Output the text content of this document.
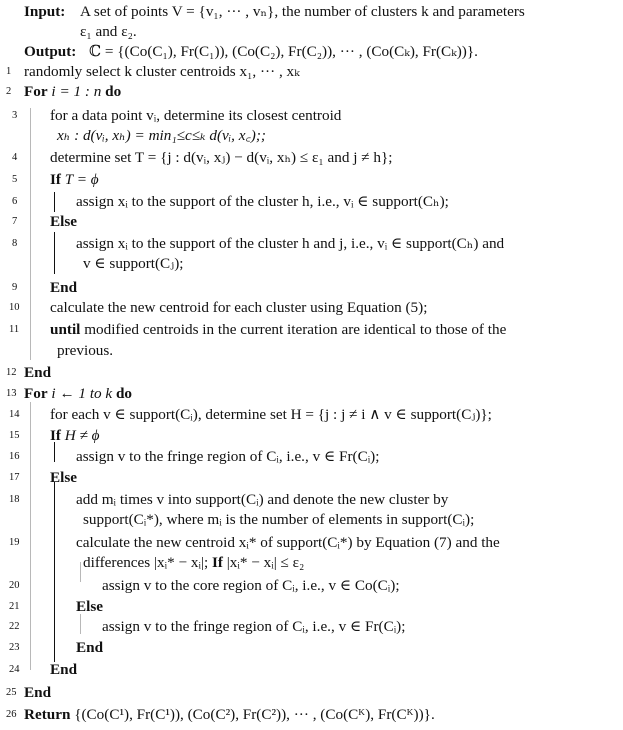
Input: A set of points V = {v₁, ··· , vₙ}, the number of clusters k and parameters
ε₁ and ε₂.
Output: ℂ = {(Co(C₁), Fr(C₁)), (Co(C₂), Fr(C₂)), ··· , (Co(Cₖ), Fr(Cₖ))}.
1 randomly select k cluster centroids x₁, ··· , xₖ
2 For i = 1 : n do
3 for a data point vᵢ, determine its closest centroid
xₕ : d(vᵢ, xₕ) = min₁≤c≤ₖ d(vᵢ, x꜀);;
4 determine set T = {j : d(vᵢ, xⱼ) − d(vᵢ, xₕ) ≤ ε₁ and j ≠ h};
5 If T = ϕ
6	assign xᵢ to the support of the cluster h, i.e., vᵢ ∈ support(Cₕ);
7 Else
8	assign xᵢ to the support of the cluster h and j, i.e., vᵢ ∈ support(Cₕ) and
v ∈ support(Cⱼ);
9 End
10 calculate the new centroid for each cluster using Equation (5);
11 until modified centroids in the current iteration are identical to those of the
previous.
12 End
13 For i ← 1 to k do
14 for each v ∈ support(Cᵢ), determine set H = {j : j ≠ i ∧ v ∈ support(Cⱼ)};
15 If H ≠ ϕ
16	assign v to the fringe region of Cᵢ, i.e., v ∈ Fr(Cᵢ);
17 Else
18	add mᵢ times v into support(Cᵢ) and denote the new cluster by
support(Cᵢ*), where mᵢ is the number of elements in support(Cᵢ);
19	calculate the new centroid xᵢ* of support(Cᵢ*) by Equation (7) and the
differences |xᵢ* − xᵢ|; If |xᵢ* − xᵢ| ≤ ε₂
20	assign v to the core region of Cᵢ, i.e., v ∈ Co(Cᵢ);
21	Else
22	assign v to the fringe region of Cᵢ, i.e., v ∈ Fr(Cᵢ);
23	End
24 End
25 End
26 Return {(Co(C¹), Fr(C¹)), (Co(C²), Fr(C²)), ··· , (Co(Cᴷ), Fr(Cᴷ))}.
